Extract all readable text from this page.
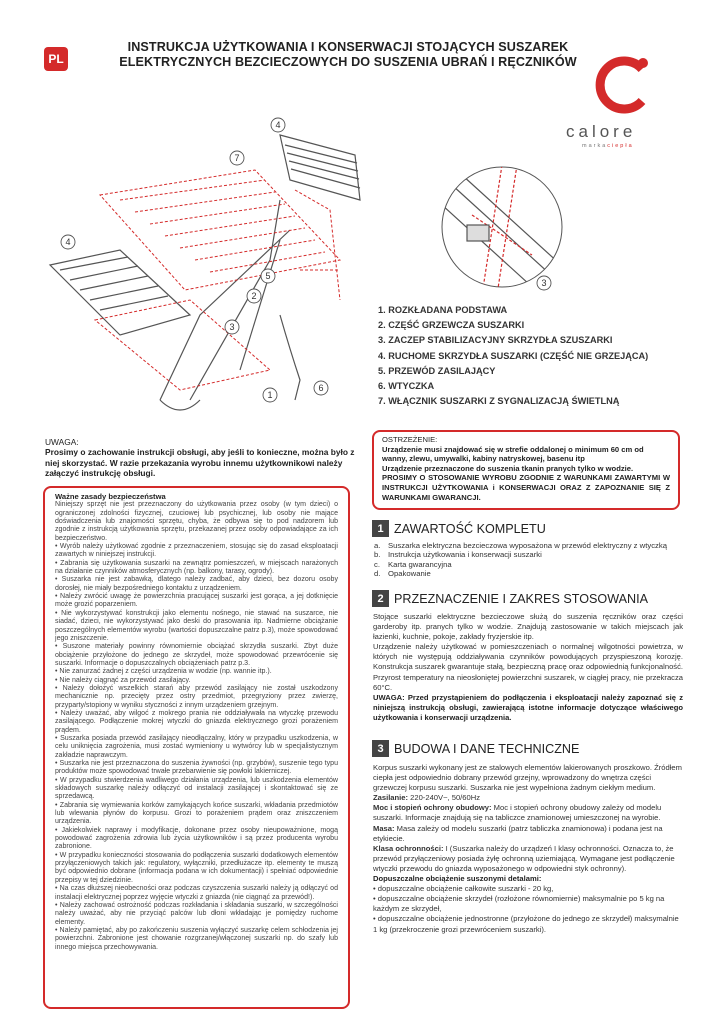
PL
INSTRUKCJA UŻYTKOWANIA I KONSERWACJI STOJĄCYCH SUSZAREK
ELEKTRYCZNYCH BEZCIECZOWYCH DO SUSZENIA UBRAŃ I RĘCZNIKÓW
calore
markaciepła
4
7
4
5
2
3
1
6
3
1. ROZKŁADANA PODSTAWA
2. CZĘŚĆ GRZEWCZA SUSZARKI
3. ZACZEP STABILIZACYJNY SKRZYDŁA SZUSZARKI
4. RUCHOME SKRZYDŁA SUSZARKI (CZĘŚĆ NIE GRZEJĄCA)
5. PRZEWÓD ZASILAJĄCY
6. WTYCZKA
7. WŁĄCZNIK SUSZARKI Z SYGNALIZACJĄ ŚWIETLNĄ
UWAGA:
Prosimy o zachowanie instrukcji obsługi, aby jeśli to konieczne, można było z niej skorzystać. W razie przekazania wyrobu innemu użytkownikowi należy załączyć instrukcję obsługi.
Ważne zasady bezpieczeństwa

Niniejszy sprzęt nie jest przeznaczony do użytkowania przez osoby (w tym dzieci) o ograniczonej zdolności fizycznej, czuciowej lub psychicznej, lub osoby nie mające doświadczenia lub znajomości sprzętu, chyba, że odbywa się to pod nadzorem lub zgodnie z instrukcją użytkowania sprzętu, przekazanej przez osoby odpowiadające za ich bezpieczeństwo.

• Wyrób należy użytkować zgodnie z przeznaczeniem, stosując się do zasad eksploatacji zawartych w niniejszej instrukcji.

• Zabrania się użytkowania suszarki na zewnątrz pomieszczeń, w miejscach narażonych na działanie czynników atmosferycznych (np. balkony, tarasy, ogrody).

• Suszarka nie jest zabawką, dlatego należy zadbać, aby dzieci, bez dozoru osoby dorosłej, nie miały bezpośredniego kontaktu z urządzeniem.

• Należy zwrócić uwagę że powierzchnia pracującej suszarki jest gorąca, a jej dotknięcie może grozić poparzeniem.

• Nie wykorzystywać konstrukcji jako elementu nośnego, nie stawać na suszarce, nie siadać, dzieci, nie wykorzystywać jako deski do prasowania itp. Nadmierne obciążanie poszczególnych elementów wyrobu (wartości dopuszczalne patrz p.3), może spowodować jego zniszczenie.

• Suszone materiały powinny równomiernie obciążać skrzydła suszarki. Zbyt duże obciążenie przyłożone do jednego ze skrzydeł, może spowodować przewrócenie się suszarki. Informacje o dopuszczalnych obciążeniach patrz p.3.

• Nie zanurzać żadnej z części urządzenia w wodzie (np. wannie itp.).

• Nie należy ciągnąć za przewód zasilający.

• Należy dołożyć wszelkich starań aby przewód zasilający nie został uszkodzony mechanicznie np. przecięty przez ostry przedmiot, przegryziony przez zwierzę, przyparty/stopiony w wyniku styczności z innym urządzeniem grzejnym.

• Należy uważać, aby wilgoć z mokrego prania nie oddziaływała na wtyczkę przewodu zasilającego. Podłączenie mokrej wtyczki do gniazda elektrycznego grozi porażeniem prądem.

• Suszarka posiada przewód zasilający nieodłączalny, który w przypadku uszkodzenia, w celu uniknięcia zagrożenia, musi zostać wymieniony u wytwórcy lub w specjalistycznym zakładzie naprawczym.

• Suszarka nie jest przeznaczona do suszenia żywności (np. grzybów), suszenie tego typu produktów może spowodować trwałe przebarwienie się powłoki lakierniczej.

• W przypadku stwierdzenia wadliwego działania urządzenia, lub uszkodzenia elementów składowych suszarkę należy odłączyć od instalacji zasilającej i skontaktować się ze sprzedawcą.

• Zabrania się wymiewania korków zamykających końce suszarki, wkładania przedmiotów lub wlewania płynów do korpusu. Grozi to porażeniem prądem oraz zniszczeniem urządzenia.

• Jakiekolwiek naprawy i modyfikacje, dokonane przez osoby nieupoważnione, mogą powodować zagrożenia zdrowia lub życia użytkowników i są przez producenta wyrobu zabronione.

• W przypadku konieczności stosowania do podłączenia suszarki dodatkowych elementów przyłączeniowych takich jak: regulatory, wyłączniki, przedłużacze itp. elementy te muszą być odpowiednio dobrane (informacja podana w ich dokumentacji) i spełniać odpowiednie przepisy w tej dziedzinie.

• Na czas dłuższej nieobecności oraz podczas czyszczenia suszarki należy ją odłączyć od instalacji elektrycznej poprzez wyjęcie wtyczki z gniazda (nie ciągnąć za przewód!).

• Należy zachować ostrożność podczas rozkładania i składania suszarki, w szczególności należy uważać, aby nie przyciąć palców lub dłoni wkładając je pomiędzy ruchome elementy.

• Należy pamiętać, aby po zakończeniu suszenia wyłączyć suszarkę celem schłodzenia jej powierzchni. Zabronione jest chowanie rozgrzanej/włączonej suszarki np. do szafy lub innego miejsca przechowywania.

OSTRZEŻENIE:

Urządzenie musi znajdować się w strefie oddalonej o minimum 60 cm od wanny, zlewu, umywalki, kabiny natryskowej, basenu itp

Urządzenie przeznaczone do suszenia tkanin pranych tylko w wodzie.

PROSIMY O STOSOWANIE WYROBU ZGODNIE Z WARUNKAMI ZAWARTYMI W INSTRUKCJI UŻYTKOWANIA i KONSERWACJI ORAZ Z ZAPOZNANIE SIĘ Z WARUNKAMI GWARANCJI.

1 ZAWARTOŚĆ KOMPLETU
a. Suszarka elektryczna bezcieczowa wyposażona w przewód elektryczny z wtyczką
b. Instrukcja użytkowania i konserwacji suszarki
c. Karta gwarancyjna
d. Opakowanie
2 PRZEZNACZENIE I ZAKRES STOSOWANIA

Stojące suszarki elektryczne bezcieczowe służą do suszenia ręczników oraz części garderoby itp. pranych tylko w wodzie. Znajdują zastosowanie w takich miejscach jak łazienki, kuchnie, pokoje, zakłady fryzjerskie itp.

Urządzenie należy użytkować w pomieszczeniach o normalnej wilgotności powietrza, w których nie występują oddziaływania czynników powodujących przyspieszoną korozję. Konstrukcja suszarek gwarantuje stałą, bezpieczną pracę oraz odpowiednią funkcjonalność. Przyrost temperatury na nieosłoniętej powierzchni suszarek, w ciągłej pracy, nie przekracza 60°C.

UWAGA: Przed przystąpieniem do podłączenia i eksploatacji należy zapoznać się z niniejszą instrukcją obsługi, zawierającą istotne informacje dotyczące właściwego użytkowania i konserwacji urządzenia.

3 BUDOWA I DANE TECHNICZNE

Korpus suszarki wykonany jest ze stalowych elementów lakierowanych proszkowo. Źródłem ciepła jest odpowiednio dobrany przewód grzejny, wprowadzony do wnętrza części grzewczej korpusu suszarki. Suszarka nie jest wypełniona żadnym ciekłym medium.

Zasilanie: 220-240V~, 50/60Hz

Moc i stopień ochrony obudowy: Moc i stopień ochrony obudowy zależy od modelu suszarki. Informacje znajdują się na tabliczce znamionowej umieszczonej na wyrobie.

Masa: Masa zależy od modelu suszarki (patrz tabliczka znamionowa) i podana jest na etykiecie.

Klasa ochronności: I (Suszarka należy do urządzeń I klasy ochronności. Oznacza to, że przewód przyłączeniowy posiada żyłę ochronną uziemiającą. Wymagane jest podłączenie wtyczki przewodu do gniazda wyposażonego w odpowiedni styk ochronny).

Dopuszczalne obciążenie suszonymi detalami:

• dopuszczalne obciążenie całkowite suszarki - 20 kg,

• dopuszczalne obciążenie skrzydeł (rozłożone równomiernie) maksymalnie po 5 kg na każdym ze skrzydeł,

• dopuszczalne obciążenie jednostronne (przyłożone do jednego ze skrzydeł) maksymalnie 1 kg (przekroczenie grozi przewróceniem suszarki).
